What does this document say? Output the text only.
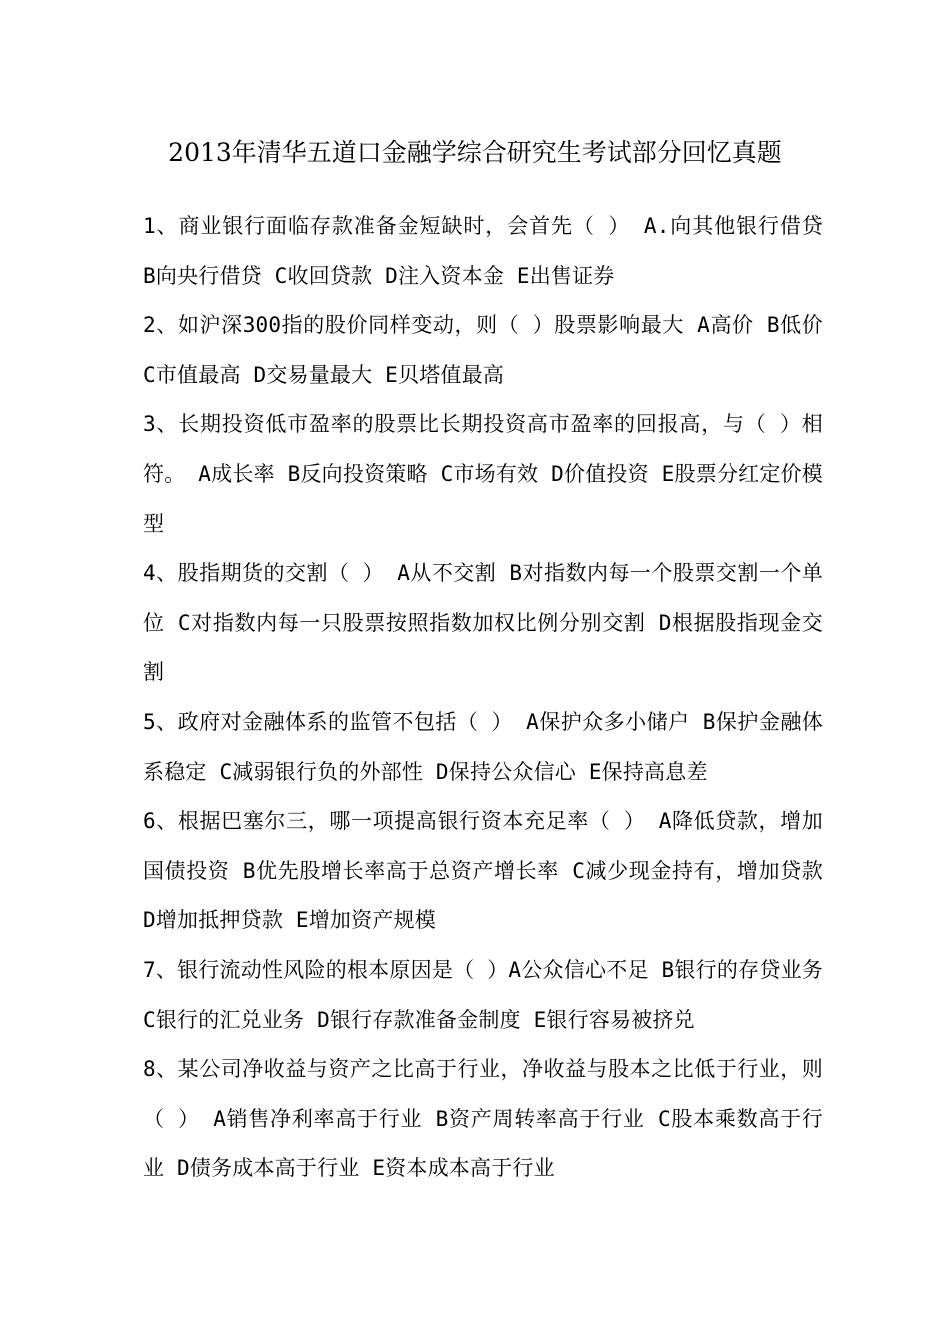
2013年清华五道口金融学综合研究生考试部分回忆真题

1、商业银行面临存款准备金短缺时，会首先（ ） A.向其他银行借贷 B向央行借贷 C收回贷款 D注入资本金 E出售证券

2、如沪深300指的股价同样变动，则（ ）股票影响最大 A高价 B低价 C市值最高 D交易量最大 E贝塔值最高

3、长期投资低市盈率的股票比长期投资高市盈率的回报高，与（ ）相符。 A成长率 B反向投资策略 C市场有效 D价值投资 E股票分红定价模型

4、股指期货的交割（ ） A从不交割 B对指数内每一个股票交割一个单位 C对指数内每一只股票按照指数加权比例分别交割 D根据股指现金交割

5、政府对金融体系的监管不包括（ ） A保护众多小储户 B保护金融体系稳定 C减弱银行负的外部性 D保持公众信心 E保持高息差

6、根据巴塞尔三，哪一项提高银行资本充足率（ ） A降低贷款，增加国债投资 B优先股增长率高于总资产增长率 C减少现金持有，增加贷款 D增加抵押贷款 E增加资产规模

7、银行流动性风险的根本原因是（ ）A公众信心不足 B银行的存贷业务 C银行的汇兑业务 D银行存款准备金制度 E银行容易被挤兑

8、某公司净收益与资产之比高于行业，净收益与股本之比低于行业，则（ ） A销售净利率高于行业 B资产周转率高于行业 C股本乘数高于行业 D债务成本高于行业 E资本成本高于行业
